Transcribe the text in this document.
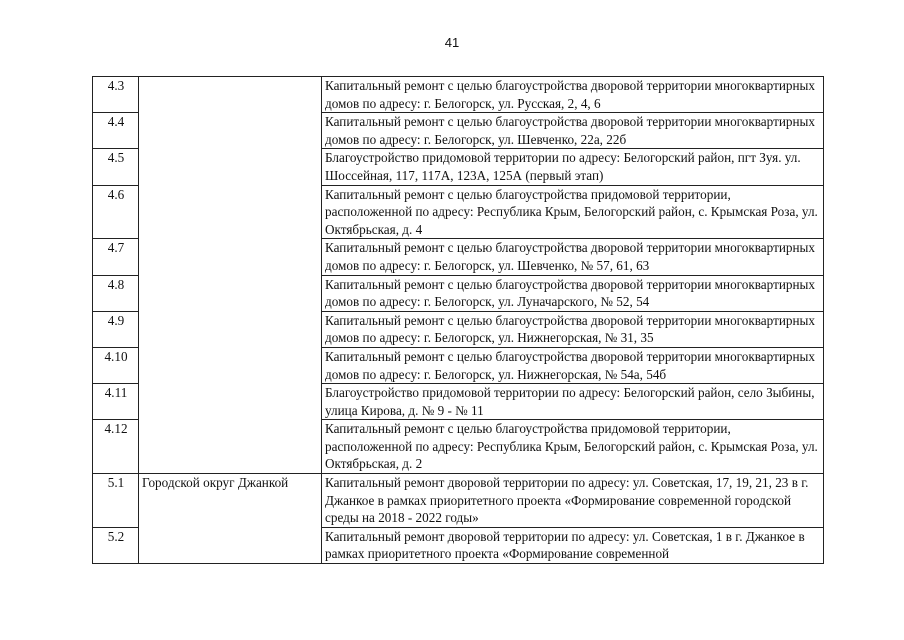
41
4.3		Капитальный ремонт с целью благоустройства дворовой территории многоквартирных домов по адресу: г. Белогорск, ул. Русская, 2, 4, 6
4.4		Капитальный ремонт с целью благоустройства дворовой территории многоквартирных домов по адресу: г. Белогорск, ул. Шевченко, 22а, 22б
4.5		Благоустройство придомовой территории по адресу: Белогорский район, пгт Зуя. ул. Шоссейная, 117, 117А, 123А, 125А (первый этап)
4.6		Капитальный ремонт с целью благоустройства придомовой территории, расположенной по адресу: Республика Крым, Белогорский район, с. Крымская Роза, ул. Октябрьская, д. 4
4.7		Капитальный ремонт с целью благоустройства дворовой территории многоквартирных домов по адресу: г. Белогорск, ул. Шевченко, № 57, 61, 63
4.8		Капитальный ремонт с целью благоустройства дворовой территории многоквартирных домов по адресу: г. Белогорск, ул. Луначарского, № 52, 54
4.9		Капитальный ремонт с целью благоустройства дворовой территории многоквартирных домов по адресу: г. Белогорск, ул. Нижнегорская, № 31, 35
4.10		Капитальный ремонт с целью благоустройства дворовой территории многоквартирных домов по адресу: г. Белогорск, ул. Нижнегорская, № 54а, 54б
4.11		Благоустройство придомовой территории по адресу: Белогорский район, село Зыбины, улица Кирова, д. № 9 - № 11
4.12		Капитальный ремонт с целью благоустройства придомовой территории, расположенной по адресу: Республика Крым, Белогорский район, с. Крымская Роза, ул. Октябрьская, д. 2
5.1	Городской округ Джанкой	Капитальный ремонт дворовой территории по адресу: ул. Советская, 17, 19, 21, 23 в г. Джанкое в рамках приоритетного проекта «Формирование современной городской среды на 2018 - 2022 годы»
5.2		Капитальный ремонт дворовой территории по адресу: ул. Советская, 1 в г. Джанкое в рамках приоритетного проекта «Формирование современной
